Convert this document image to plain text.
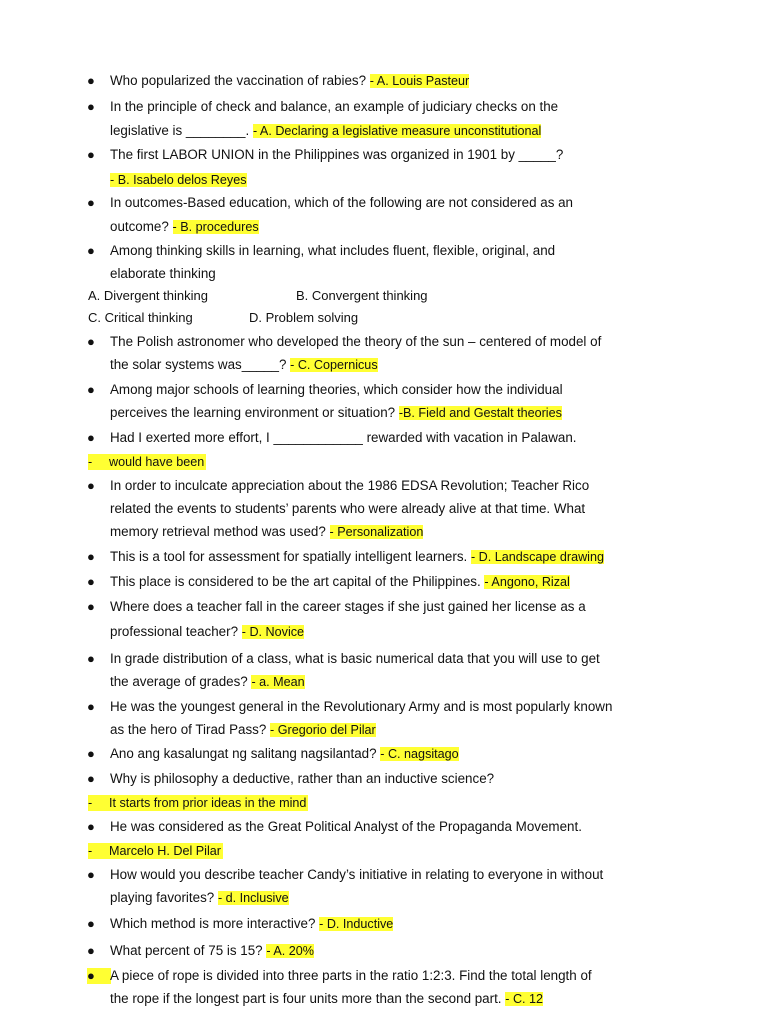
● Who popularized the vaccination of rabies? - A. Louis Pasteur
● In the principle of check and balance, an example of judiciary checks on the
legislative is ________. - A. Declaring a legislative measure unconstitutional
● The first LABOR UNION in the Philippines was organized in 1901 by _____?
- B. Isabelo delos Reyes
● In outcomes-Based education, which of the following are not considered as an
outcome? - B. procedures
● Among thinking skills in learning, what includes fluent, flexible, original, and
elaborate thinking
A. Divergent thinking	B. Convergent thinking
C. Critical thinking	D. Problem solving
● The Polish astronomer who developed the theory of the sun – centered of model of
the solar systems was_____? - C. Copernicus
● Among major schools of learning theories, which consider how the individual
perceives the learning environment or situation? -B. Field and Gestalt theories
● Had I exerted more effort, I ____________ rewarded with vacation in Palawan.
- would have been
● In order to inculcate appreciation about the 1986 EDSA Revolution; Teacher Rico
related the events to students’ parents who were already alive at that time. What
memory retrieval method was used? - Personalization
● This is a tool for assessment for spatially intelligent learners. - D. Landscape drawing
● This place is considered to be the art capital of the Philippines. - Angono, Rizal
● Where does a teacher fall in the career stages if she just gained her license as a
professional teacher? - D. Novice
● In grade distribution of a class, what is basic numerical data that you will use to get
the average of grades? - a. Mean
● He was the youngest general in the Revolutionary Army and is most popularly known
as the hero of Tirad Pass? - Gregorio del Pilar
● Ano ang kasalungat ng salitang nagsilantad? - C. nagsitago
● Why is philosophy a deductive, rather than an inductive science?
- It starts from prior ideas in the mind
● He was considered as the Great Political Analyst of the Propaganda Movement.
- Marcelo H. Del Pilar
● How would you describe teacher Candy’s initiative in relating to everyone in without
playing favorites? - d. Inclusive
● Which method is more interactive? - D. Inductive
● What percent of 75 is 15? - A. 20%
●	A piece of rope is divided into three parts in the ratio 1:2:3. Find the total length of
the rope if the longest part is four units more than the second part. - C. 12
